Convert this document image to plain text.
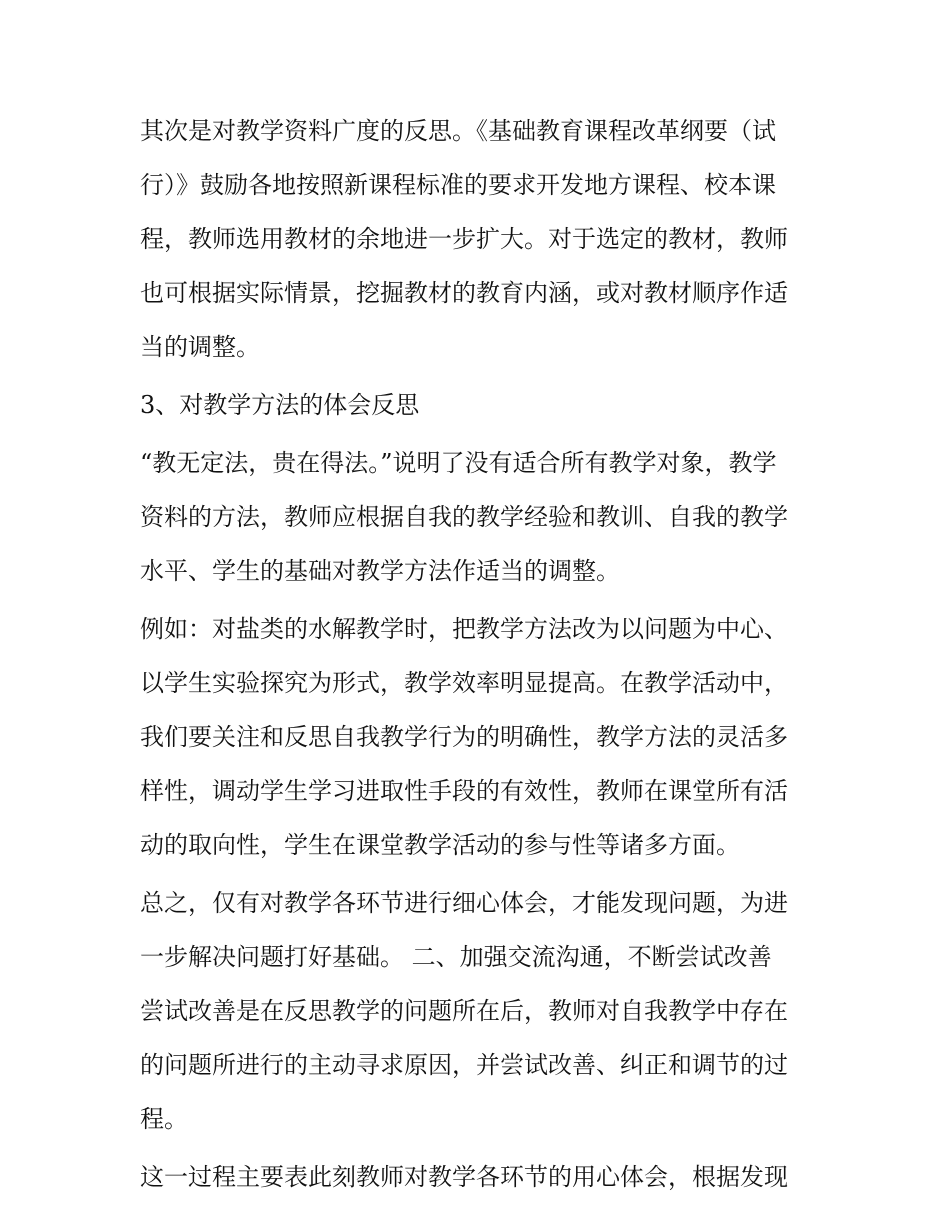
其次是对教学资料广度的反思。《基础教育课程改革纲要（试
行）》鼓励各地按照新课程标准的要求开发地方课程、校本课
程，教师选用教材的余地进一步扩大。对于选定的教材，教师
也可根据实际情景，挖掘教材的教育内涵，或对教材顺序作适
当的调整。
3、对教学方法的体会反思
“教无定法，贵在得法。”说明了没有适合所有教学对象，教学
资料的方法，教师应根据自我的教学经验和教训、自我的教学
水平、学生的基础对教学方法作适当的调整。
例如：对盐类的水解教学时，把教学方法改为以问题为中心、
以学生实验探究为形式，教学效率明显提高。在教学活动中，
我们要关注和反思自我教学行为的明确性，教学方法的灵活多
样性，调动学生学习进取性手段的有效性，教师在课堂所有活
动的取向性，学生在课堂教学活动的参与性等诸多方面。
总之，仅有对教学各环节进行细心体会，才能发现问题，为进
一步解决问题打好基础。 二、加强交流沟通，不断尝试改善
尝试改善是在反思教学的问题所在后，教师对自我教学中存在
的问题所进行的主动寻求原因，并尝试改善、纠正和调节的过
程。
这一过程主要表此刻教师对教学各环节的用心体会，根据发现
